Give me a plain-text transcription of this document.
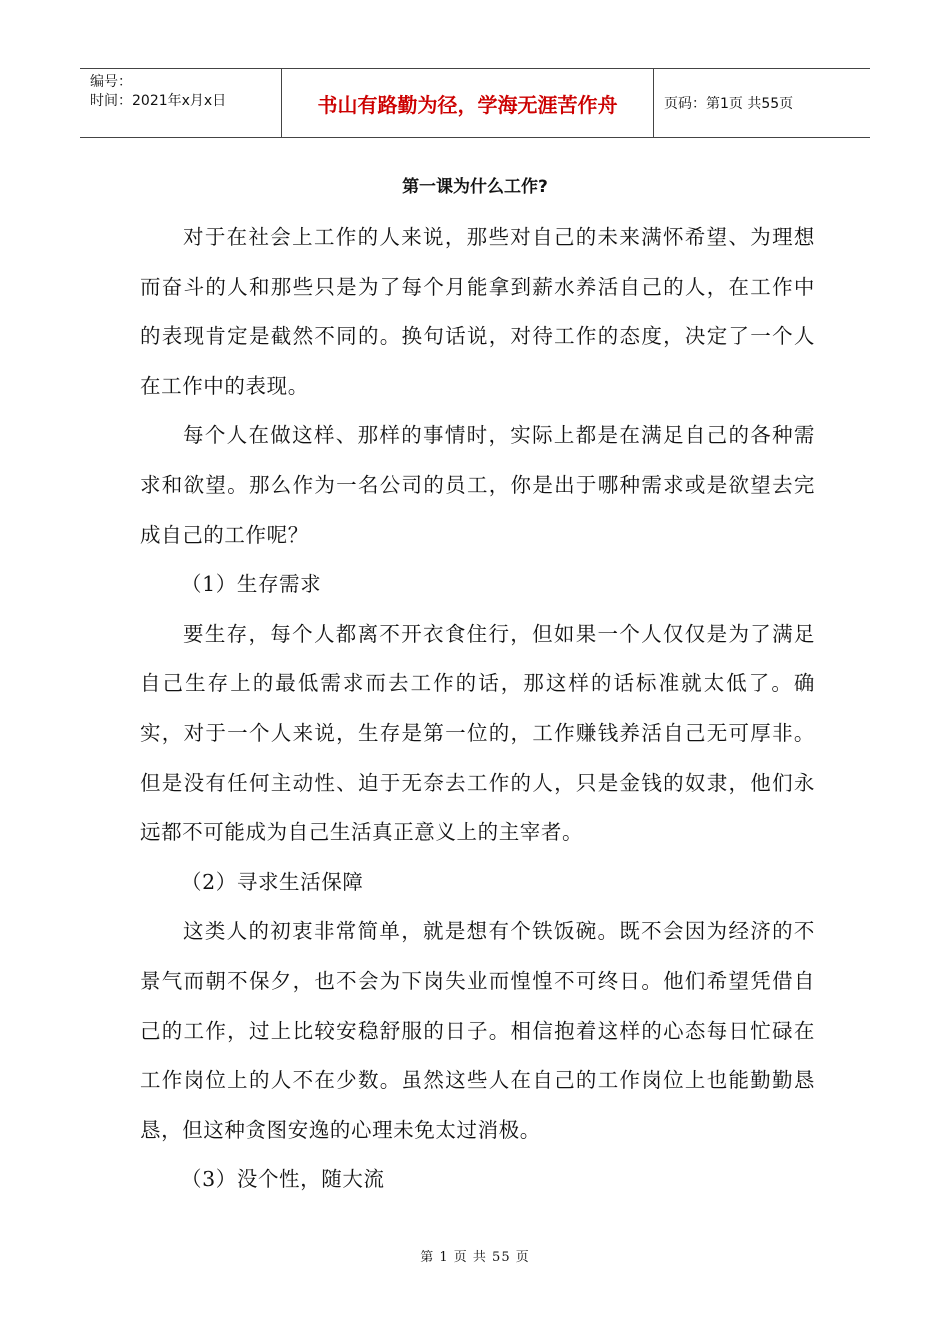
编号：
时间：2021年x月x日	书山有路勤为径，学海无涯苦作舟	页码：第1页 共55页
第一课为什么工作?

对于在社会上工作的人来说，那些对自己的未来满怀希望、为理想而奋斗的人和那些只是为了每个月能拿到薪水养活自己的人，在工作中的表现肯定是截然不同的。换句话说，对待工作的态度，决定了一个人在工作中的表现。

每个人在做这样、那样的事情时，实际上都是在满足自己的各种需求和欲望。那么作为一名公司的员工，你是出于哪种需求或是欲望去完成自己的工作呢？

（1）生存需求

要生存，每个人都离不开衣食住行，但如果一个人仅仅是为了满足自己生存上的最低需求而去工作的话，那这样的话标准就太低了。确实，对于一个人来说，生存是第一位的，工作赚钱养活自己无可厚非。但是没有任何主动性、迫于无奈去工作的人，只是金钱的奴隶，他们永远都不可能成为自己生活真正意义上的主宰者。

（2）寻求生活保障

这类人的初衷非常简单，就是想有个铁饭碗。既不会因为经济的不景气而朝不保夕，也不会为下岗失业而惶惶不可终日。他们希望凭借自己的工作，过上比较安稳舒服的日子。相信抱着这样的心态每日忙碌在工作岗位上的人不在少数。虽然这些人在自己的工作岗位上也能勤勤恳恳，但这种贪图安逸的心理未免太过消极。

（3）没个性，随大流

第 1 页 共 55 页
